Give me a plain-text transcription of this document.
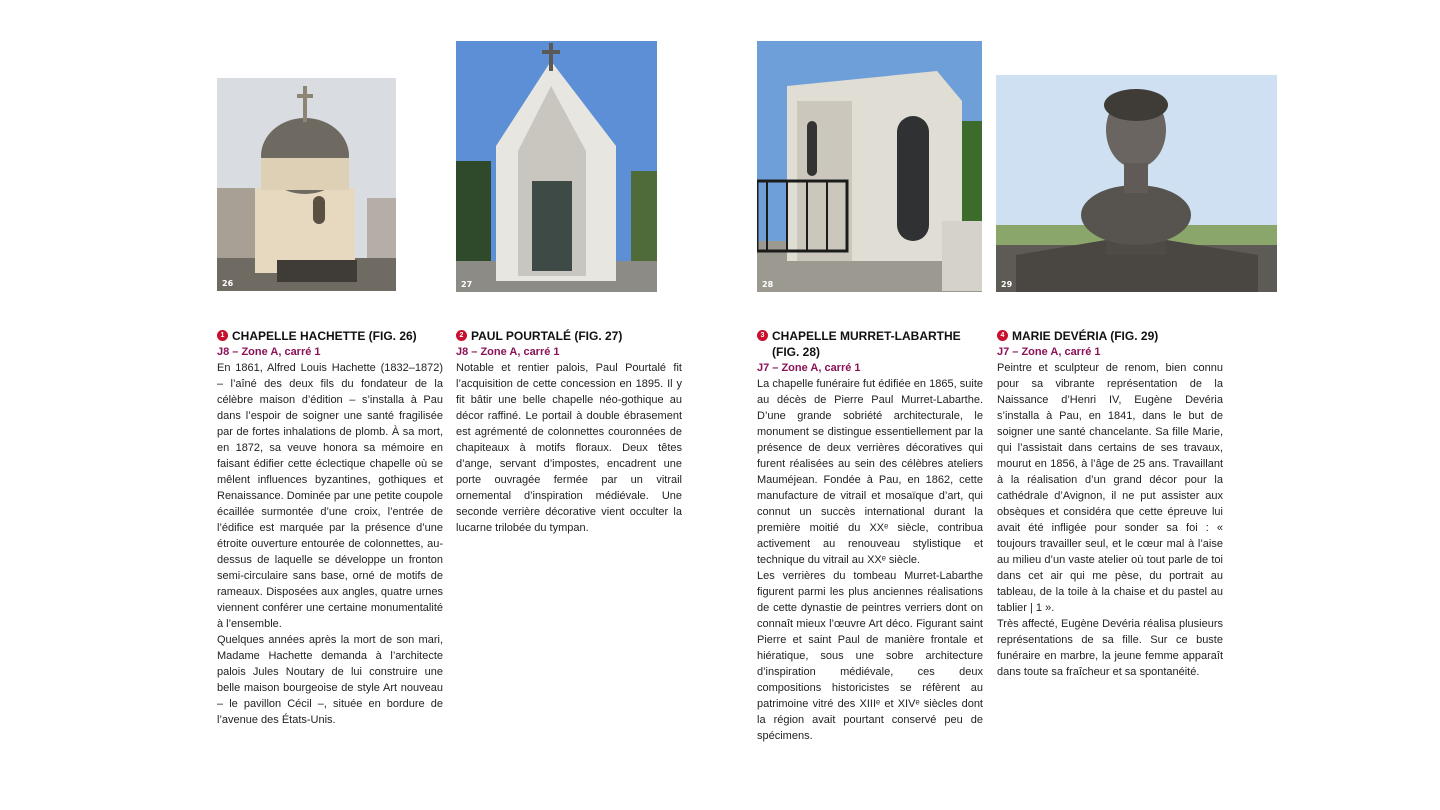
26	27	28	29
1 CHAPELLE HACHETTE (FIG. 26)
J8 – Zone A, carré 1

En 1861, Alfred Louis Hachette (1832–1872) – l’aîné des deux fils du fondateur de la célèbre maison d’édition – s’installa à Pau dans l’espoir de soigner une santé fragilisée par de fortes inhalations de plomb. À sa mort, en 1872, sa veuve honora sa mémoire en faisant édifier cette éclectique chapelle où se mêlent influences byzantines, gothiques et Renaissance. Dominée par une petite coupole écaillée surmontée d’une croix, l’entrée de l’édifice est marquée par la présence d’une étroite ouverture entourée de colonnettes, au-dessus de laquelle se développe un fronton semi-circulaire sans base, orné de motifs de rameaux. Disposées aux angles, quatre urnes viennent conférer une certaine monumentalité à l’ensemble.

Quelques années après la mort de son mari, Madame Hachette demanda à l’architecte palois Jules Noutary de lui construire une belle maison bourgeoise de style Art nouveau – le pavillon Cécil –, située en bordure de l’avenue des États-Unis.

2 PAUL POURTALÉ (FIG. 27)
J8 – Zone A, carré 1

Notable et rentier palois, Paul Pourtalé fit l’acquisition de cette concession en 1895. Il y fit bâtir une belle chapelle néo-gothique au décor raffiné. Le portail à double ébrasement est agrémenté de colonnettes couronnées de chapiteaux à motifs floraux. Deux têtes d’ange, servant d’impostes, encadrent une porte ouvragée fermée par un vitrail ornemental d’inspiration médiévale. Une seconde verrière décorative vient occulter la lucarne trilobée du tympan.

3 CHAPELLE MURRET-LABARTHE (FIG. 28)
J7 – Zone A, carré 1

La chapelle funéraire fut édifiée en 1865, suite au décès de Pierre Paul Murret-Labarthe. D’une grande sobriété architecturale, le monument se distingue essentiellement par la présence de deux verrières décoratives qui furent réalisées au sein des célèbres ateliers Mauméjean. Fondée à Pau, en 1862, cette manufacture de vitrail et mosaïque d’art, qui connut un succès international durant la première moitié du XXᵉ siècle, contribua activement au renouveau stylistique et technique du vitrail au XXᵉ siècle.

Les verrières du tombeau Murret-Labarthe figurent parmi les plus anciennes réalisations de cette dynastie de peintres verriers dont on connaît mieux l’œuvre Art déco. Figurant saint Pierre et saint Paul de manière frontale et hiératique, sous une sobre architecture d’inspiration médiévale, ces deux compositions historicistes se réfèrent au patrimoine vitré des XIIIᵉ et XIVᵉ siècles dont la région avait pourtant conservé peu de spécimens.

4 MARIE DEVÉRIA (FIG. 29)
J7 – Zone A, carré 1

Peintre et sculpteur de renom, bien connu pour sa vibrante représentation de la Naissance d’Henri IV, Eugène Devéria s’installa à Pau, en 1841, dans le but de soigner une santé chancelante. Sa fille Marie, qui l’assistait dans certains de ses travaux, mourut en 1856, à l’âge de 25 ans. Travaillant à la réalisation d’un grand décor pour la cathédrale d’Avignon, il ne put assister aux obsèques et considéra que cette épreuve lui avait été infligée pour sonder sa foi : « toujours travailler seul, et le cœur mal à l’aise au milieu d’un vaste atelier où tout parle de toi dans cet air qui me pèse, du portrait au tableau, de la toile à la chaise et du pastel au tablier | 1 ».

Très affecté, Eugène Devéria réalisa plusieurs représentations de sa fille. Sur ce buste funéraire en marbre, la jeune femme apparaît dans toute sa fraîcheur et sa spontanéité.
